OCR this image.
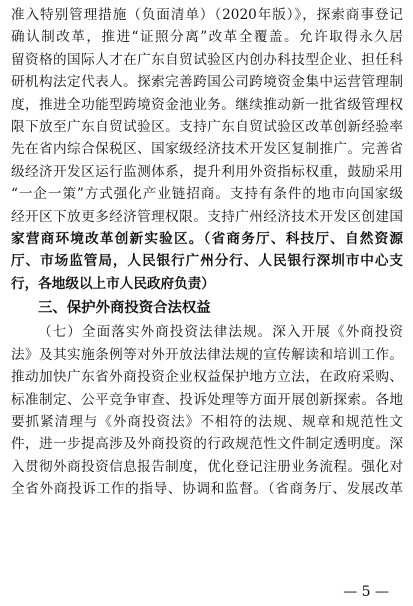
准入特别管理措施（负面清单）（2020年版）》，探索商事登记
确认制改革，推进“证照分离”改革全覆盖。允许取得永久居
留资格的国际人才在广东自贸试验区内创办科技型企业、担任科
研机构法定代表人。探索完善跨国公司跨境资金集中运营管理制
度，推进全功能型跨境资金池业务。继续推动新一批省级管理权
限下放至广东自贸试验区。支持广东自贸试验区改革创新经验率
先在省内综合保税区、国家级经济技术开发区复制推广。完善省
级经济开发区运行监测体系，提升利用外资指标权重，鼓励采用
“一企一策”方式强化产业链招商。支持有条件的地市向国家级
经开区下放更多经济管理权限。支持广州经济技术开发区创建国
家营商环境改革创新实验区。（省商务厅、科技厅、自然资源
厅、市场监管局，人民银行广州分行、人民银行深圳市中心支
行，各地级以上市人民政府负责）
三、保护外商投资合法权益
（七）全面落实外商投资法律法规。深入开展《外商投资
法》及其实施条例等对外开放法律法规的宣传解读和培训工作。
推动加快广东省外商投资企业权益保护地方立法，在政府采购、
标准制定、公平竞争审查、投诉处理等方面开展创新探索。各地
要抓紧清理与《外商投资法》不相符的法规、规章和规范性文
件，进一步提高涉及外商投资的行政规范性文件制定透明度。深
入贯彻外商投资信息报告制度，优化登记注册业务流程。强化对
全省外商投诉工作的指导、协调和监督。（省商务厅、发展改革
— 5 —
